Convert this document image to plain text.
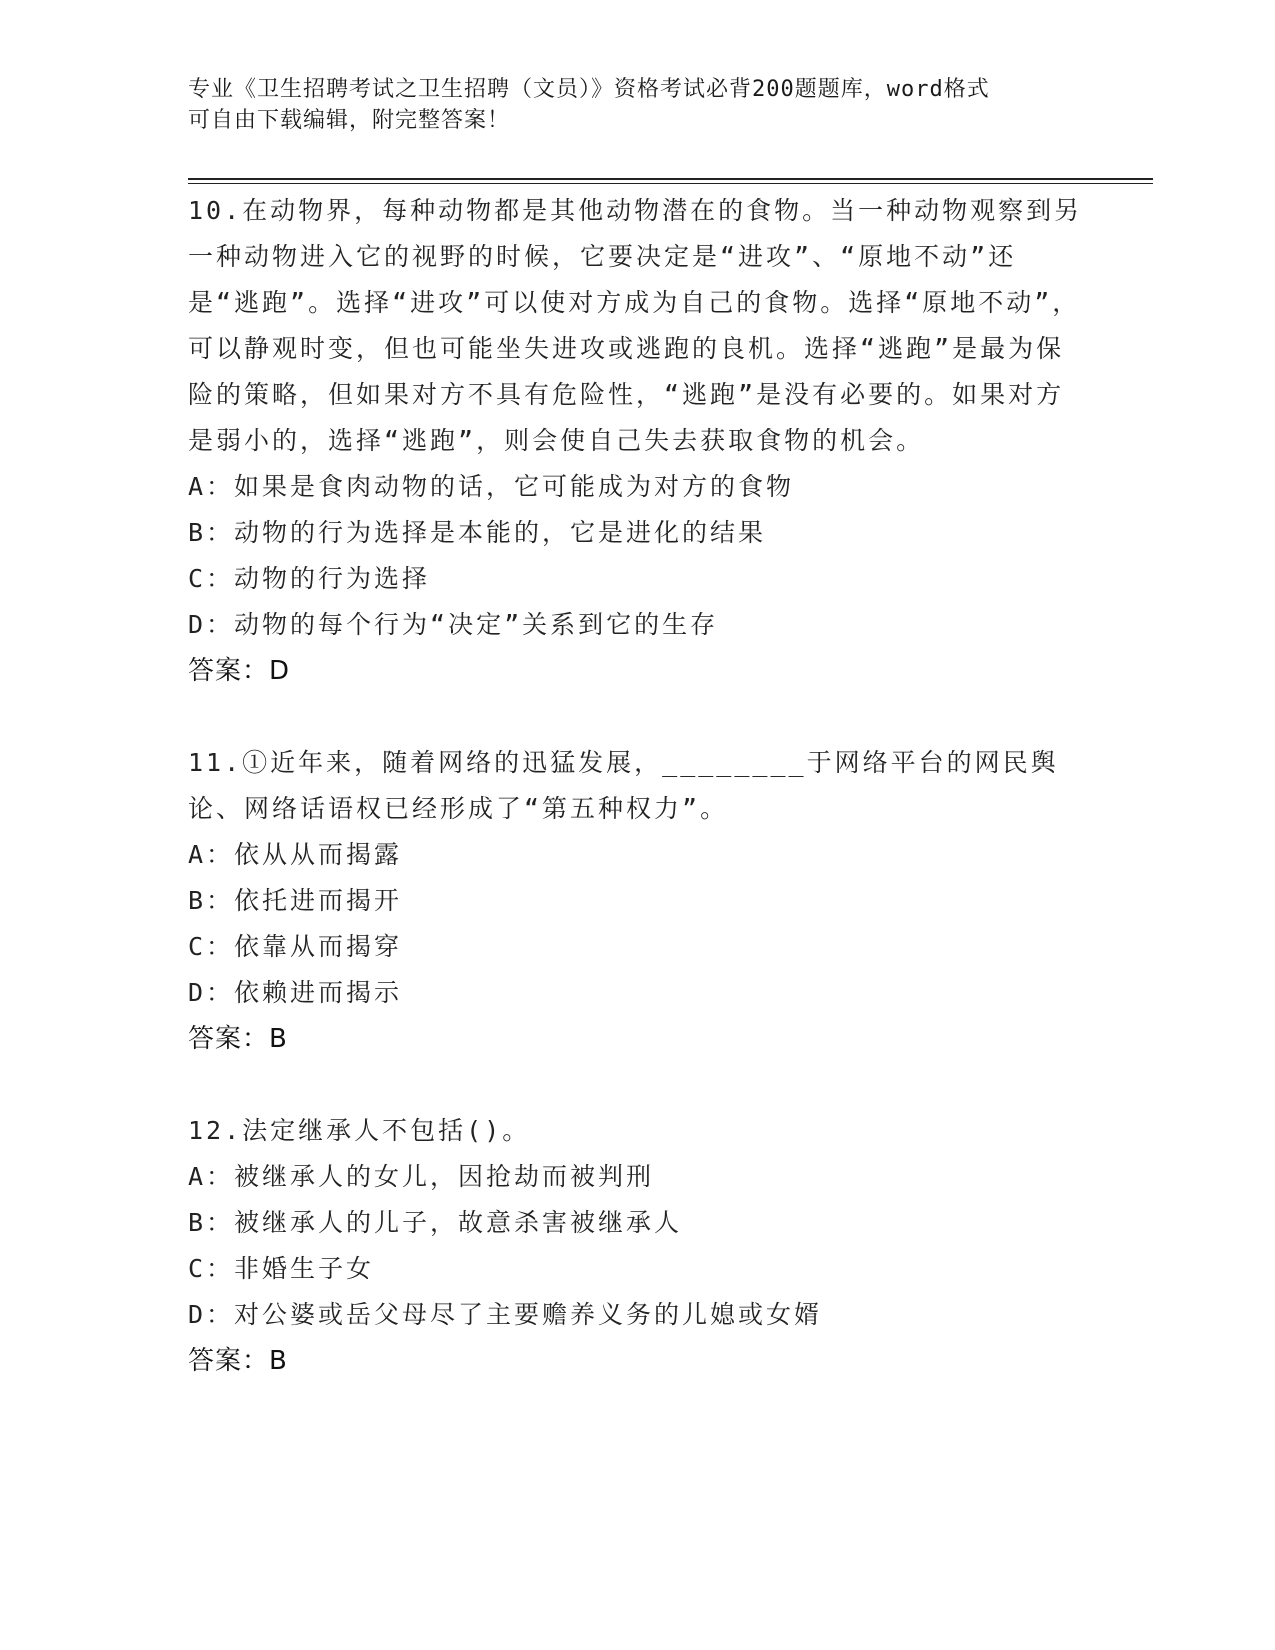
专业《卫生招聘考试之卫生招聘（文员）》资格考试必背200题题库，word格式
可自由下载编辑，附完整答案！

10.在动物界，每种动物都是其他动物潜在的食物。当一种动物观察到另一种动物进入它的视野的时候，它要决定是“进攻”、“原地不动”还是“逃跑”。选择“进攻”可以使对方成为自己的食物。选择“原地不动”，可以静观时变，但也可能坐失进攻或逃跑的良机。选择“逃跑”是最为保险的策略，但如果对方不具有危险性，“逃跑”是没有必要的。如果对方是弱小的，选择“逃跑”，则会使自己失去获取食物的机会。

A：如果是食肉动物的话，它可能成为对方的食物

B：动物的行为选择是本能的，它是进化的结果

C：动物的行为选择

D：动物的每个行为“决定”关系到它的生存

答案：D

11.①近年来，随着网络的迅猛发展，________于网络平台的网民舆论、网络话语权已经形成了“第五种权力”。

A：依从从而揭露

B：依托进而揭开

C：依靠从而揭穿

D：依赖进而揭示

答案：B

12.法定继承人不包括()。

A：被继承人的女儿，因抢劫而被判刑

B：被继承人的儿子，故意杀害被继承人

C：非婚生子女

D：对公婆或岳父母尽了主要赡养义务的儿媳或女婿

答案：B
